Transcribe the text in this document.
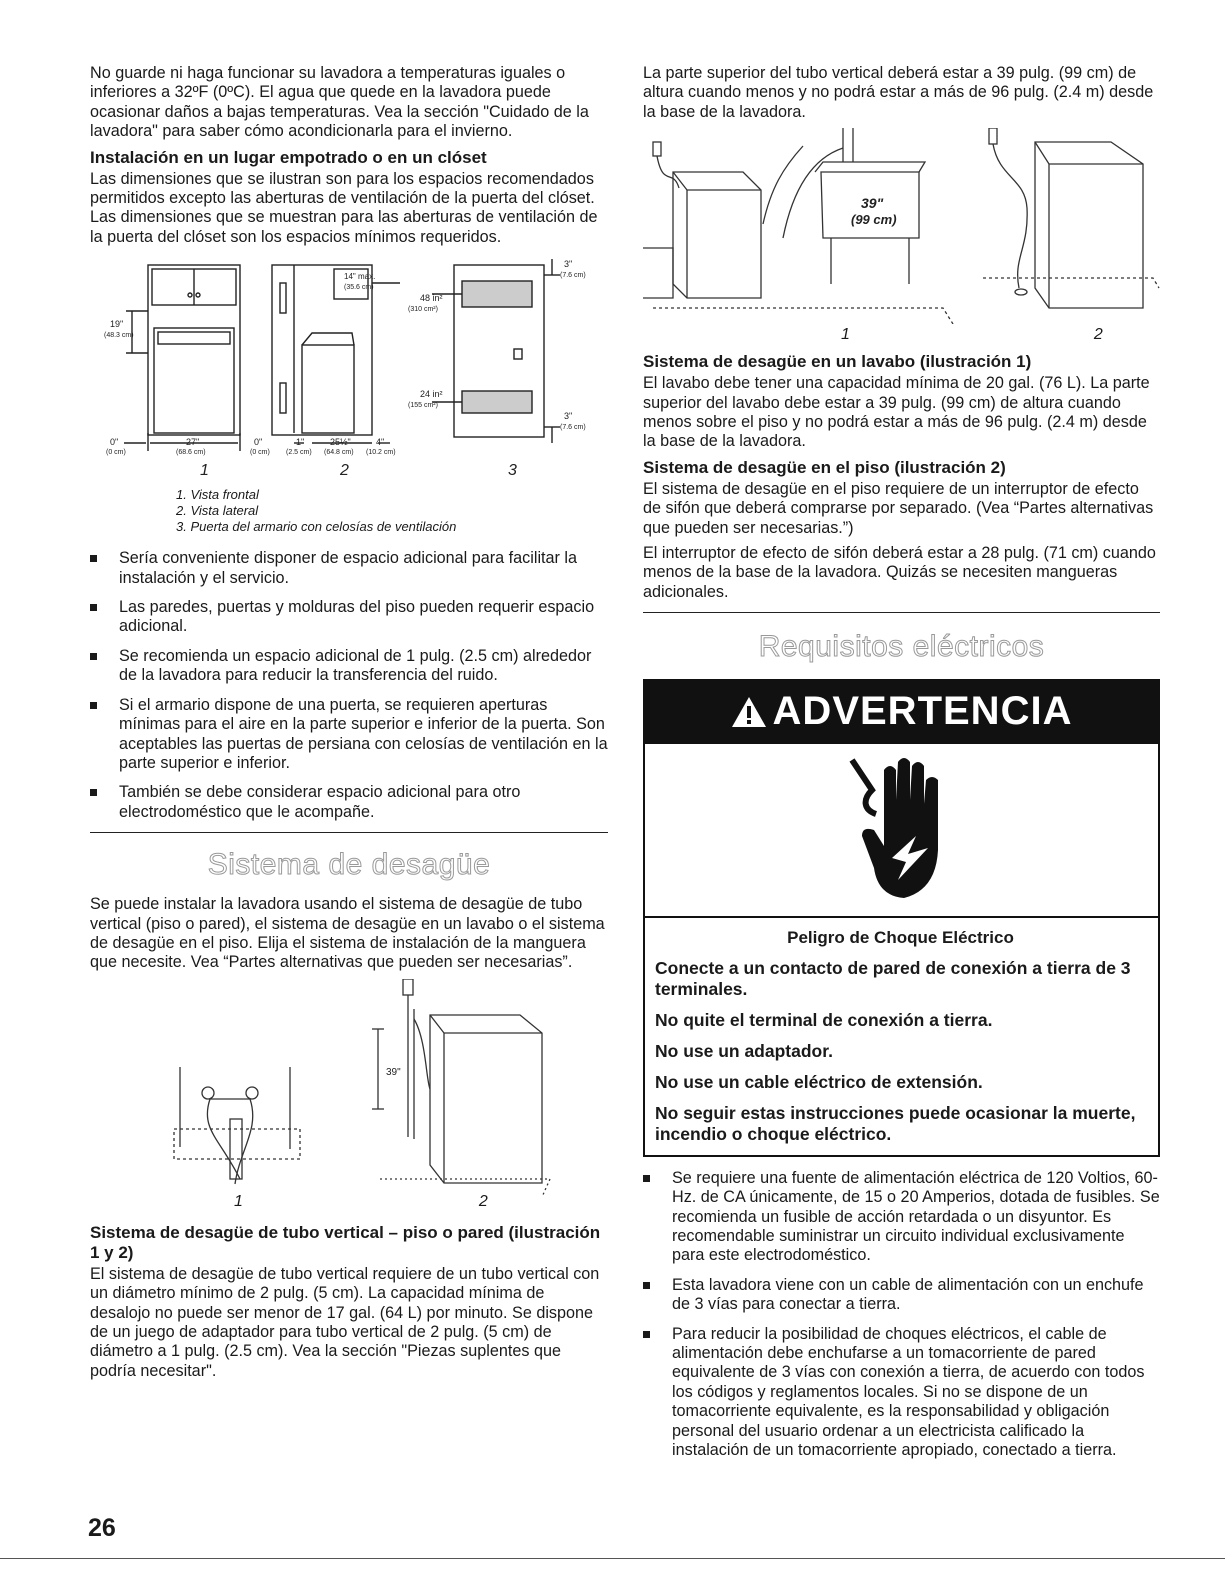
No guarde ni haga funcionar su lavadora a temperaturas iguales o inferiores a 32ºF (0ºC). El agua que quede en la lavadora puede ocasionar daños a bajas temperaturas. Vea la sección "Cuidado de la lavadora" para saber cómo acondicionarla para el invierno.

Instalación en un lugar empotrado o en un clóset

Las dimensiones que se ilustran son para los espacios recomendados permitidos excepto las aberturas de ventilación de la puerta del clóset. Las dimensiones que se muestran para las aberturas de ventilación de la puerta del clóset son los espacios mínimos requeridos.

19"
(48.3 cm)
0"
(0 cm)
27"
(68.6 cm)
0"
(0 cm)
1"
(2.5 cm)
25½"
(64.8 cm)
4"
(10.2 cm)
14" max.
(35.6 cm)
48 in²
(310 cm²)
24 in²
(155 cm²)
3"
(7.6 cm)
3"
(7.6 cm)
1	2	3
1. Vista frontal
2. Vista lateral
3. Puerta del armario con celosías de ventilación
Sería conveniente disponer de espacio adicional para facilitar la instalación y el servicio.
Las paredes, puertas y molduras del piso pueden requerir espacio adicional.
Se recomienda un espacio adicional de 1 pulg. (2.5 cm) alrededor de la lavadora para reducir la transferencia del ruido.
Si el armario dispone de una puerta, se requieren aperturas mínimas para el aire en la parte superior e inferior de la puerta. Son aceptables las puertas de persiana con celosías de ventilación en la parte superior e inferior.
También se debe considerar espacio adicional para otro electrodoméstico que le acompañe.
Sistema de desagüe

Se puede instalar la lavadora usando el sistema de desagüe de tubo vertical (piso o pared), el sistema de desagüe en un lavabo o el sistema de desagüe en el piso. Elija el sistema de instalación de la manguera que necesite. Vea “Partes alternativas que pueden ser necesarias”.

39"
1	2
Sistema de desagüe de tubo vertical – piso o pared (ilustración 1 y 2)

El sistema de desagüe de tubo vertical requiere de un tubo vertical con un diámetro mínimo de 2 pulg. (5 cm). La capacidad mínima de desalojo no puede ser menor de 17 gal. (64 L) por minuto. Se dispone de un juego de adaptador para tubo vertical de 2 pulg. (5 cm) de diámetro a 1 pulg. (2.5 cm). Vea la sección "Piezas suplentes que podría necesitar".

La parte superior del tubo vertical deberá estar a 39 pulg. (99 cm) de altura cuando menos y no podrá estar a más de 96 pulg. (2.4 m) desde la base de la lavadora.

39"
(99 cm)
1	2
Sistema de desagüe en un lavabo (ilustración 1)

El lavabo debe tener una capacidad mínima de 20 gal. (76 L). La parte superior del lavabo debe estar a 39 pulg. (99 cm) de altura cuando menos sobre el piso y no podrá estar a más de 96 pulg. (2.4 m) desde la base de la lavadora.

Sistema de desagüe en el piso (ilustración 2)

El sistema de desagüe en el piso requiere de un interruptor de efecto de sifón que deberá comprarse por separado. (Vea “Partes alternativas que pueden ser necesarias.”)

El interruptor de efecto de sifón deberá estar a 28 pulg. (71 cm) cuando menos de la base de la lavadora. Quizás se necesiten mangueras adicionales.

Requisitos eléctricos
ADVERTENCIA

Peligro de Choque Eléctrico

Conecte a un contacto de pared de conexión a tierra de 3 terminales.

No quite el terminal de conexión a tierra.

No use un adaptador.

No use un cable eléctrico de extensión.

No seguir estas instrucciones puede ocasionar la muerte, incendio o choque eléctrico.

Se requiere una fuente de alimentación eléctrica de 120 Voltios, 60-Hz. de CA únicamente, de 15 o 20 Amperios, dotada de fusibles. Se recomienda un fusible de acción retardada o un disyuntor. Es recomendable suministrar un circuito individual exclusivamente para este electrodoméstico.
Esta lavadora viene con un cable de alimentación con un enchufe de 3 vías para conectar a tierra.
Para reducir la posibilidad de choques eléctricos, el cable de alimentación debe enchufarse a un tomacorriente de pared equivalente de 3 vías con conexión a tierra, de acuerdo con todos los códigos y reglamentos locales. Si no se dispone de un tomacorriente equivalente, es la responsabilidad y obligación personal del usuario ordenar a un electricista calificado la instalación de un tomacorriente apropiado, conectado a tierra.
26
